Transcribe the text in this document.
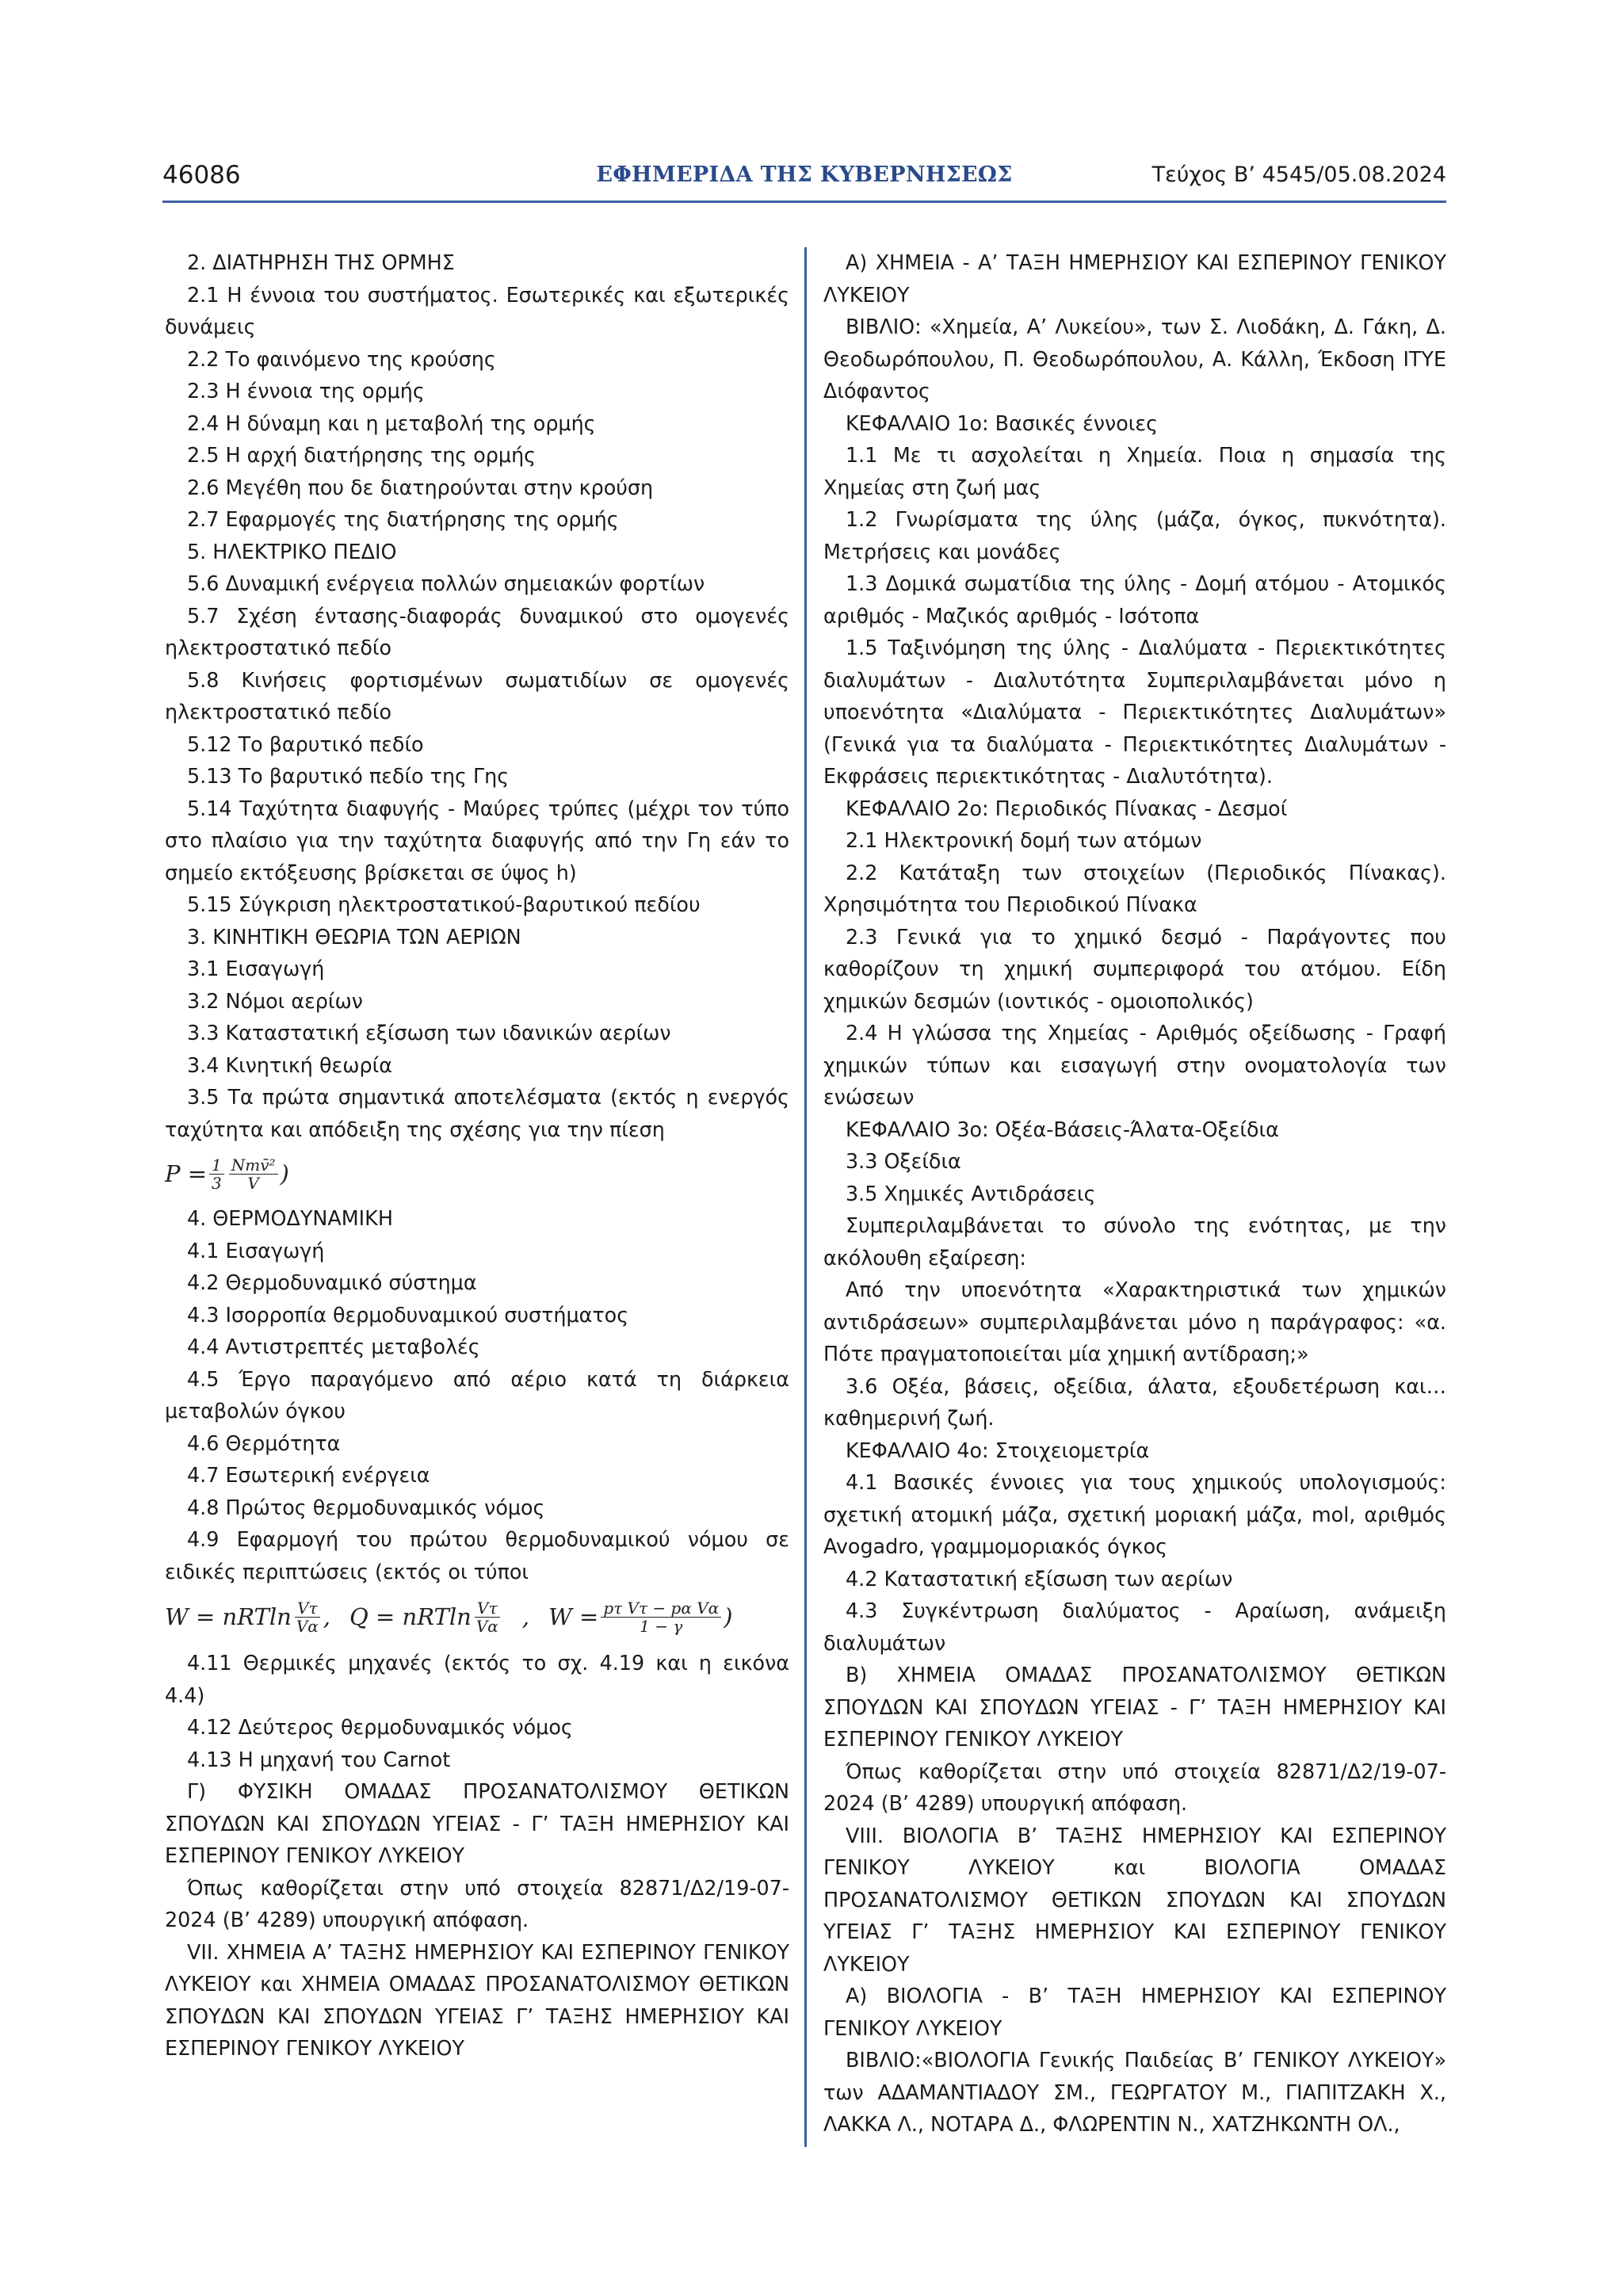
46086	ΕΦΗΜΕΡΙΔΑ ΤΗΣ ΚΥΒΕΡΝΗΣΕΩΣ	Τεύχος Β’ 4545/05.08.2024

2. ΔΙΑΤΗΡΗΣΗ ΤΗΣ ΟΡΜΗΣ

2.1 Η έννοια του συστήματος. Εσωτερικές και εξωτερικές δυνάμεις

2.2 Το φαινόμενο της κρούσης

2.3 Η έννοια της ορμής

2.4 Η δύναμη και η μεταβολή της ορμής

2.5 Η αρχή διατήρησης της ορμής

2.6 Μεγέθη που δε διατηρούνται στην κρούση

2.7 Εφαρμογές της διατήρησης της ορμής

5. ΗΛΕΚΤΡΙΚΟ ΠΕΔΙΟ

5.6 Δυναμική ενέργεια πολλών σημειακών φορτίων

5.7 Σχέση έντασης-διαφοράς δυναμικού στο ομογενές ηλεκτροστατικό πεδίο

5.8 Κινήσεις φορτισμένων σωματιδίων σε ομογενές ηλεκτροστατικό πεδίο

5.12 Το βαρυτικό πεδίο

5.13 Το βαρυτικό πεδίο της Γης

5.14 Ταχύτητα διαφυγής - Μαύρες τρύπες (μέχρι τον τύπο στο πλαίσιο για την ταχύτητα διαφυγής από την Γη εάν το σημείο εκτόξευσης βρίσκεται σε ύψος h)

5.15 Σύγκριση ηλεκτροστατικού-βαρυτικού πεδίου

3. ΚΙΝΗΤΙΚΗ ΘΕΩΡΙΑ ΤΩΝ ΑΕΡΙΩΝ

3.1 Εισαγωγή

3.2 Νόμοι αερίων

3.3 Καταστατική εξίσωση των ιδανικών αερίων

3.4 Κινητική θεωρία

3.5 Τα πρώτα σημαντικά αποτελέσματα (εκτός η ενεργός ταχύτητα και απόδειξη της σχέσης για την πίεση

$P = \frac{1}{3}$ Nmv̄²
V )

4. ΘΕΡΜΟΔΥΝΑΜΙΚΗ

4.1 Εισαγωγή

4.2 Θερμοδυναμικό σύστημα

4.3 Ισορροπία θερμοδυναμικού συστήματος

4.4 Αντιστρεπτές μεταβολές

4.5 Έργο παραγόμενο από αέριο κατά τη διάρκεια μεταβολών όγκου

4.6 Θερμότητα

4.7 Εσωτερική ενέργεια

4.8 Πρώτος θερμοδυναμικός νόμος

4.9 Εφαρμογή του πρώτου θερμοδυναμικού νόμου σε ειδικές περιπτώσεις (εκτός οι τύποι

W = nRTln $\frac{V\tau}{V\alpha}$ , Q = nRTln $\frac{V\tau}{V\alpha}$ , $W = \frac{\text{pτ Vτ − pα Vα}}{1 - \gamma}$ )

4.11 Θερμικές μηχανές (εκτός το σχ. 4.19 και η εικόνα 4.4)

4.12 Δεύτερος θερμοδυναμικός νόμος

4.13 Η μηχανή του Carnot

Γ) ΦΥΣΙΚΗ ΟΜΑΔΑΣ ΠΡΟΣΑΝΑΤΟΛΙΣΜΟΥ ΘΕΤΙΚΩΝ ΣΠΟΥΔΩΝ ΚΑΙ ΣΠΟΥΔΩΝ ΥΓΕΙΑΣ - Γ’ ΤΑΞΗ ΗΜΕΡΗΣΙΟΥ ΚΑΙ ΕΣΠΕΡΙΝΟΥ ΓΕΝΙΚΟΥ ΛΥΚΕΙΟΥ

Όπως καθορίζεται στην υπό στοιχεία 82871/Δ2/19-07-2024 (Β’ 4289) υπουργική απόφαση.

VII. ΧΗΜΕΙΑ Α’ ΤΑΞΗΣ ΗΜΕΡΗΣΙΟΥ ΚΑΙ ΕΣΠΕΡΙΝΟΥ ΓΕΝΙΚΟΥ ΛΥΚΕΙΟΥ και ΧΗΜΕΙΑ ΟΜΑΔΑΣ ΠΡΟΣΑΝΑΤΟΛΙΣΜΟΥ ΘΕΤΙΚΩΝ ΣΠΟΥΔΩΝ ΚΑΙ ΣΠΟΥΔΩΝ ΥΓΕΙΑΣ Γ’ ΤΑΞΗΣ ΗΜΕΡΗΣΙΟΥ ΚΑΙ ΕΣΠΕΡΙΝΟΥ ΓΕΝΙΚΟΥ ΛΥΚΕΙΟΥ

Α) ΧΗΜΕΙΑ - Α’ ΤΑΞΗ ΗΜΕΡΗΣΙΟΥ ΚΑΙ ΕΣΠΕΡΙΝΟΥ ΓΕΝΙΚΟΥ ΛΥΚΕΙΟΥ

ΒΙΒΛΙΟ: «Χημεία, Α’ Λυκείου», των Σ. Λιοδάκη, Δ. Γάκη, Δ. Θεοδωρόπουλου, Π. Θεοδωρόπουλου, Α. Κάλλη, Έκδοση ΙΤΥΕ Διόφαντος

ΚΕΦΑΛΑΙΟ 1ο: Βασικές έννοιες

1.1 Με τι ασχολείται η Χημεία. Ποια η σημασία της Χημείας στη ζωή μας

1.2 Γνωρίσματα της ύλης (μάζα, όγκος, πυκνότητα). Μετρήσεις και μονάδες

1.3 Δομικά σωματίδια της ύλης - Δομή ατόμου - Ατομικός αριθμός - Μαζικός αριθμός - Ισότοπα

1.5 Ταξινόμηση της ύλης - Διαλύματα - Περιεκτικότητες διαλυμάτων - Διαλυτότητα Συμπεριλαμβάνεται μόνο η υποενότητα «Διαλύματα - Περιεκτικότητες Διαλυμάτων» (Γενικά για τα διαλύματα - Περιεκτικότητες Διαλυμάτων - Εκφράσεις περιεκτικότητας - Διαλυτότητα).

ΚΕΦΑΛΑΙΟ 2ο: Περιοδικός Πίνακας - Δεσμοί

2.1 Ηλεκτρονική δομή των ατόμων

2.2 Κατάταξη των στοιχείων (Περιοδικός Πίνακας). Χρησιμότητα του Περιοδικού Πίνακα

2.3 Γενικά για το χημικό δεσμό - Παράγοντες που καθορίζουν τη χημική συμπεριφορά του ατόμου. Είδη χημικών δεσμών (ιοντικός - ομοιοπολικός)

2.4 Η γλώσσα της Χημείας - Αριθμός οξείδωσης - Γραφή χημικών τύπων και εισαγωγή στην ονοματολογία των ενώσεων

ΚΕΦΑΛΑΙΟ 3ο: Οξέα-Βάσεις-Άλατα-Οξείδια

3.3 Οξείδια

3.5 Χημικές Αντιδράσεις

Συμπεριλαμβάνεται το σύνολο της ενότητας, με την ακόλουθη εξαίρεση:

Από την υποενότητα «Χαρακτηριστικά των χημικών αντιδράσεων» συμπεριλαμβάνεται μόνο η παράγραφος: «α. Πότε πραγματοποιείται μία χημική αντίδραση;»

3.6 Οξέα, βάσεις, οξείδια, άλατα, εξουδετέρωση και… καθημερινή ζωή.

ΚΕΦΑΛΑΙΟ 4ο: Στοιχειομετρία

4.1 Βασικές έννοιες για τους χημικούς υπολογισμούς: σχετική ατομική μάζα, σχετική μοριακή μάζα, mol, αριθμός Avogadro, γραμμομοριακός όγκος

4.2 Καταστατική εξίσωση των αερίων

4.3 Συγκέντρωση διαλύματος - Αραίωση, ανάμειξη διαλυμάτων

Β) ΧΗΜΕΙΑ ΟΜΑΔΑΣ ΠΡΟΣΑΝΑΤΟΛΙΣΜΟΥ ΘΕΤΙΚΩΝ ΣΠΟΥΔΩΝ ΚΑΙ ΣΠΟΥΔΩΝ ΥΓΕΙΑΣ - Γ’ ΤΑΞΗ ΗΜΕΡΗΣΙΟΥ ΚΑΙ ΕΣΠΕΡΙΝΟΥ ΓΕΝΙΚΟΥ ΛΥΚΕΙΟΥ

Όπως καθορίζεται στην υπό στοιχεία 82871/Δ2/19-07-2024 (Β’ 4289) υπουργική απόφαση.

VIII. ΒΙΟΛΟΓΙΑ Β’ ΤΑΞΗΣ ΗΜΕΡΗΣΙΟΥ ΚΑΙ ΕΣΠΕΡΙΝΟΥ ΓΕΝΙΚΟΥ ΛΥΚΕΙΟΥ και ΒΙΟΛΟΓΙΑ ΟΜΑΔΑΣ ΠΡΟΣΑΝΑΤΟΛΙΣΜΟΥ ΘΕΤΙΚΩΝ ΣΠΟΥΔΩΝ ΚΑΙ ΣΠΟΥΔΩΝ ΥΓΕΙΑΣ Γ’ ΤΑΞΗΣ ΗΜΕΡΗΣΙΟΥ ΚΑΙ ΕΣΠΕΡΙΝΟΥ ΓΕΝΙΚΟΥ ΛΥΚΕΙΟΥ

Α) ΒΙΟΛΟΓΙΑ - Β’ ΤΑΞΗ ΗΜΕΡΗΣΙΟΥ ΚΑΙ ΕΣΠΕΡΙΝΟΥ ΓΕΝΙΚΟΥ ΛΥΚΕΙΟΥ

ΒΙΒΛΙΟ:«ΒΙΟΛΟΓΙΑ Γενικής Παιδείας Β’ ΓΕΝΙΚΟΥ ΛΥΚΕΙΟΥ» των ΑΔΑΜΑΝΤΙΑΔΟΥ ΣΜ., ΓΕΩΡΓΑΤΟΥ Μ., ΓΙΑΠΙΤΖΑΚΗ Χ., ΛΑΚΚΑ Λ., ΝΟΤΑΡΑ Δ., ΦΛΩΡΕΝΤΙΝ Ν., ΧΑΤΖΗΚΩΝΤΗ ΟΛ.,
